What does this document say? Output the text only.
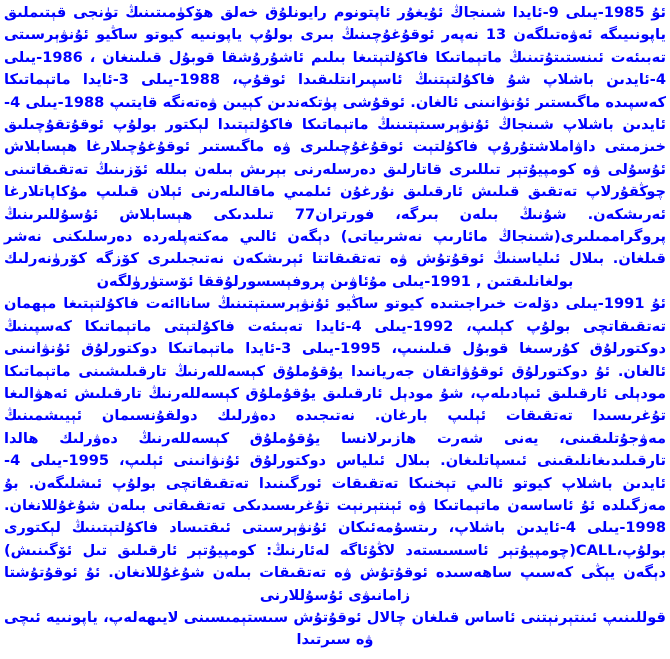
ئۇ 1985-يىلى 9-ئايدا شىنجاڭ ئۇيغۇر ئاپتونوم رايونلۇق خەلق ھۆكۈمىتىنىڭ تۈنجى قېتىملىق ياپونىيىگە ئەۋەتىلگەن 13 نەپەر ئوقۇغۇچىنىڭ بىرى بولۇپ ياپونىيە كيوتو ساڭيو ئۇنۋېرسىتى تەبىئەت ئىنستىتۇتىنىڭ ماتېماتىكا فاكۇلتېتىغا بىلىم ئاشۇرۇشقا قوبۇل قىلىنغان ، 1986-يىلى 4-ئايدىن باشلاپ شۇ فاكۇلتېتنىڭ ئاسپىرانتلىقىدا ئوقۇپ، 1988-يىلى 3-ئايدا ماتېماتىكا كەسپىدە ماگىستىر ئۇنۋانىنى ئالغان. ئوقۇشى پۈتكەندىن كېيىن ۋەتەنگە قايتىپ 1988-يىلى 4-ئايدىن باشلاپ شىنجاڭ ئۇنۋېرسىتېتىنىڭ ماتېماتىكا فاكۇلتېتىدا لېكتور بولۇپ ئوقۇتقۇچىلىق خىزمىتى داۋاملاشتۇرۇپ فاكۇلتېت ئوقۇغۇچىلىرى ۋە ماگىستىر ئوقۇغۇچىلارغا ھېسابلاش ئۇسۇلى ۋە كومپيۇتېر تىللىرى قاتارلىق دەرسلەرنى بېرىش بىلەن بىللە ئۆزىنىڭ تەتقىقاتىنى چوڭقۇرلاپ تەتقىق قىلىش ئارقىلىق نۇرغۇن ئىلمىي ماقالىلەرنى ئېلان قىلىپ مۇكاپاتلارغا ئەرىشكەن. شۇنىڭ بىلەن بىرگە، فورتران77 تىلىدىكى ھېسابلاش ئۇسۇللىرىنىڭ پروگراممىلىرى(شىنجاڭ مائارىپ نەشرىياتى) دېگەن ئالىي مەكتەپلەردە دەرسلىكنى نەشر قىلغان. بىلال ئىلياسنىڭ ئوقۇتۇش ۋە تەتقىقاتتا ئېرىشكەن نەتىجىلىرى كۆزگە كۆرۈنەرلىك بولغانلىقتىن , 1991-يىلى مۇئاۋىن پروفېسسورلۇققا ئۆستۈرۈلگەن

ئۇ 1991-يىلى دۆلەت خىراجىتىدە كيوتو ساڭيو ئۇنۋېرسىتېتىنىڭ ساناائەت فاكۇلتېتىغا مېھمان تەتقىقاتچى بولۇپ كېلىپ، 1992-يىلى 4-ئايدا تەبىئەت فاكۇلتېتى ماتېماتىكا كەسپىنىڭ دوكتورلۇق كۇرسىغا قوبۇل قىلىنىپ، 1995-يىلى 3-ئايدا ماتېماتىكا دوكتورلۇق ئۇنۋانىنى ئالغان. ئۇ دوكتورلۇق ئوقۇۋاتقان جەريانىدا يۇقۇملۇق كېسەللەرنىڭ تارقىلىشىنى ماتېماتىكا مودېلى ئارقىلىق ئىپادىلەپ، شۇ مودېل ئارقىلىق يۇقۇملۇق كېسەللەرنىڭ تارقىلىش ئەھۋالىغا تۇغرىسىدا تەتقىقات ئېلىپ بارغان. نەتىجىدە دەۋرلىك دولقۇنسىمان ئېيىشمىنىڭ مەۋجۇتلىقىنى، يەنى شەرت ھازىرلانسا يۇقۇملۇق كېسەللەرنىڭ دەۋرلىك ھالدا تارقىلىدىغانلىقىنى ئىسپاتلىغان. بىلال ئىلياس دوكتورلۇق ئۇنۋانىنى ئېلىپ، 1995-يىلى 4-ئايدىن باشلاپ كيوتو ئالىي تېخنىكا تەتقىقات ئورگىنىدا تەتقىقاتچى بولۇپ ئىشلىگەن. بۇ مەزگىلدە ئۇ ئاساسەن ماتېماتىكا ۋە ئېنتېرنېت تۇغرىسىدىكى تەتقىقاتى بىلەن شۇغۇللانغان. 1998-يىلى 4-ئايدىن باشلاپ، رىتسۇمەئىكان ئۇنۋېرسىتى ئىقتىساد فاكۇلتېتىنىڭ لېكتورى بولۇپ،CALL(چومپيۇتېر ئاسسىستەد لاڭۇئاگە لەئارنىڭ: كومپيۇتېر ئارقىلىق تىل ئۆگىنىش) دېگەن يېڭى كەسىپ ساھەسىدە ئوقۇتۇش ۋە تەتقىقات بىلەن شۇغۇللانغان. ئۇ ئوقۇتۇشتا زامانىۋى ئۇسۇللارنى

قوللىنىپ ئىنتېرنېتنى ئاساس قىلغان چالال ئوقۇتۇش سىستېمىسىنى لايىھەلەپ، ياپونىيە ئىچى ۋە سىرتىدا
